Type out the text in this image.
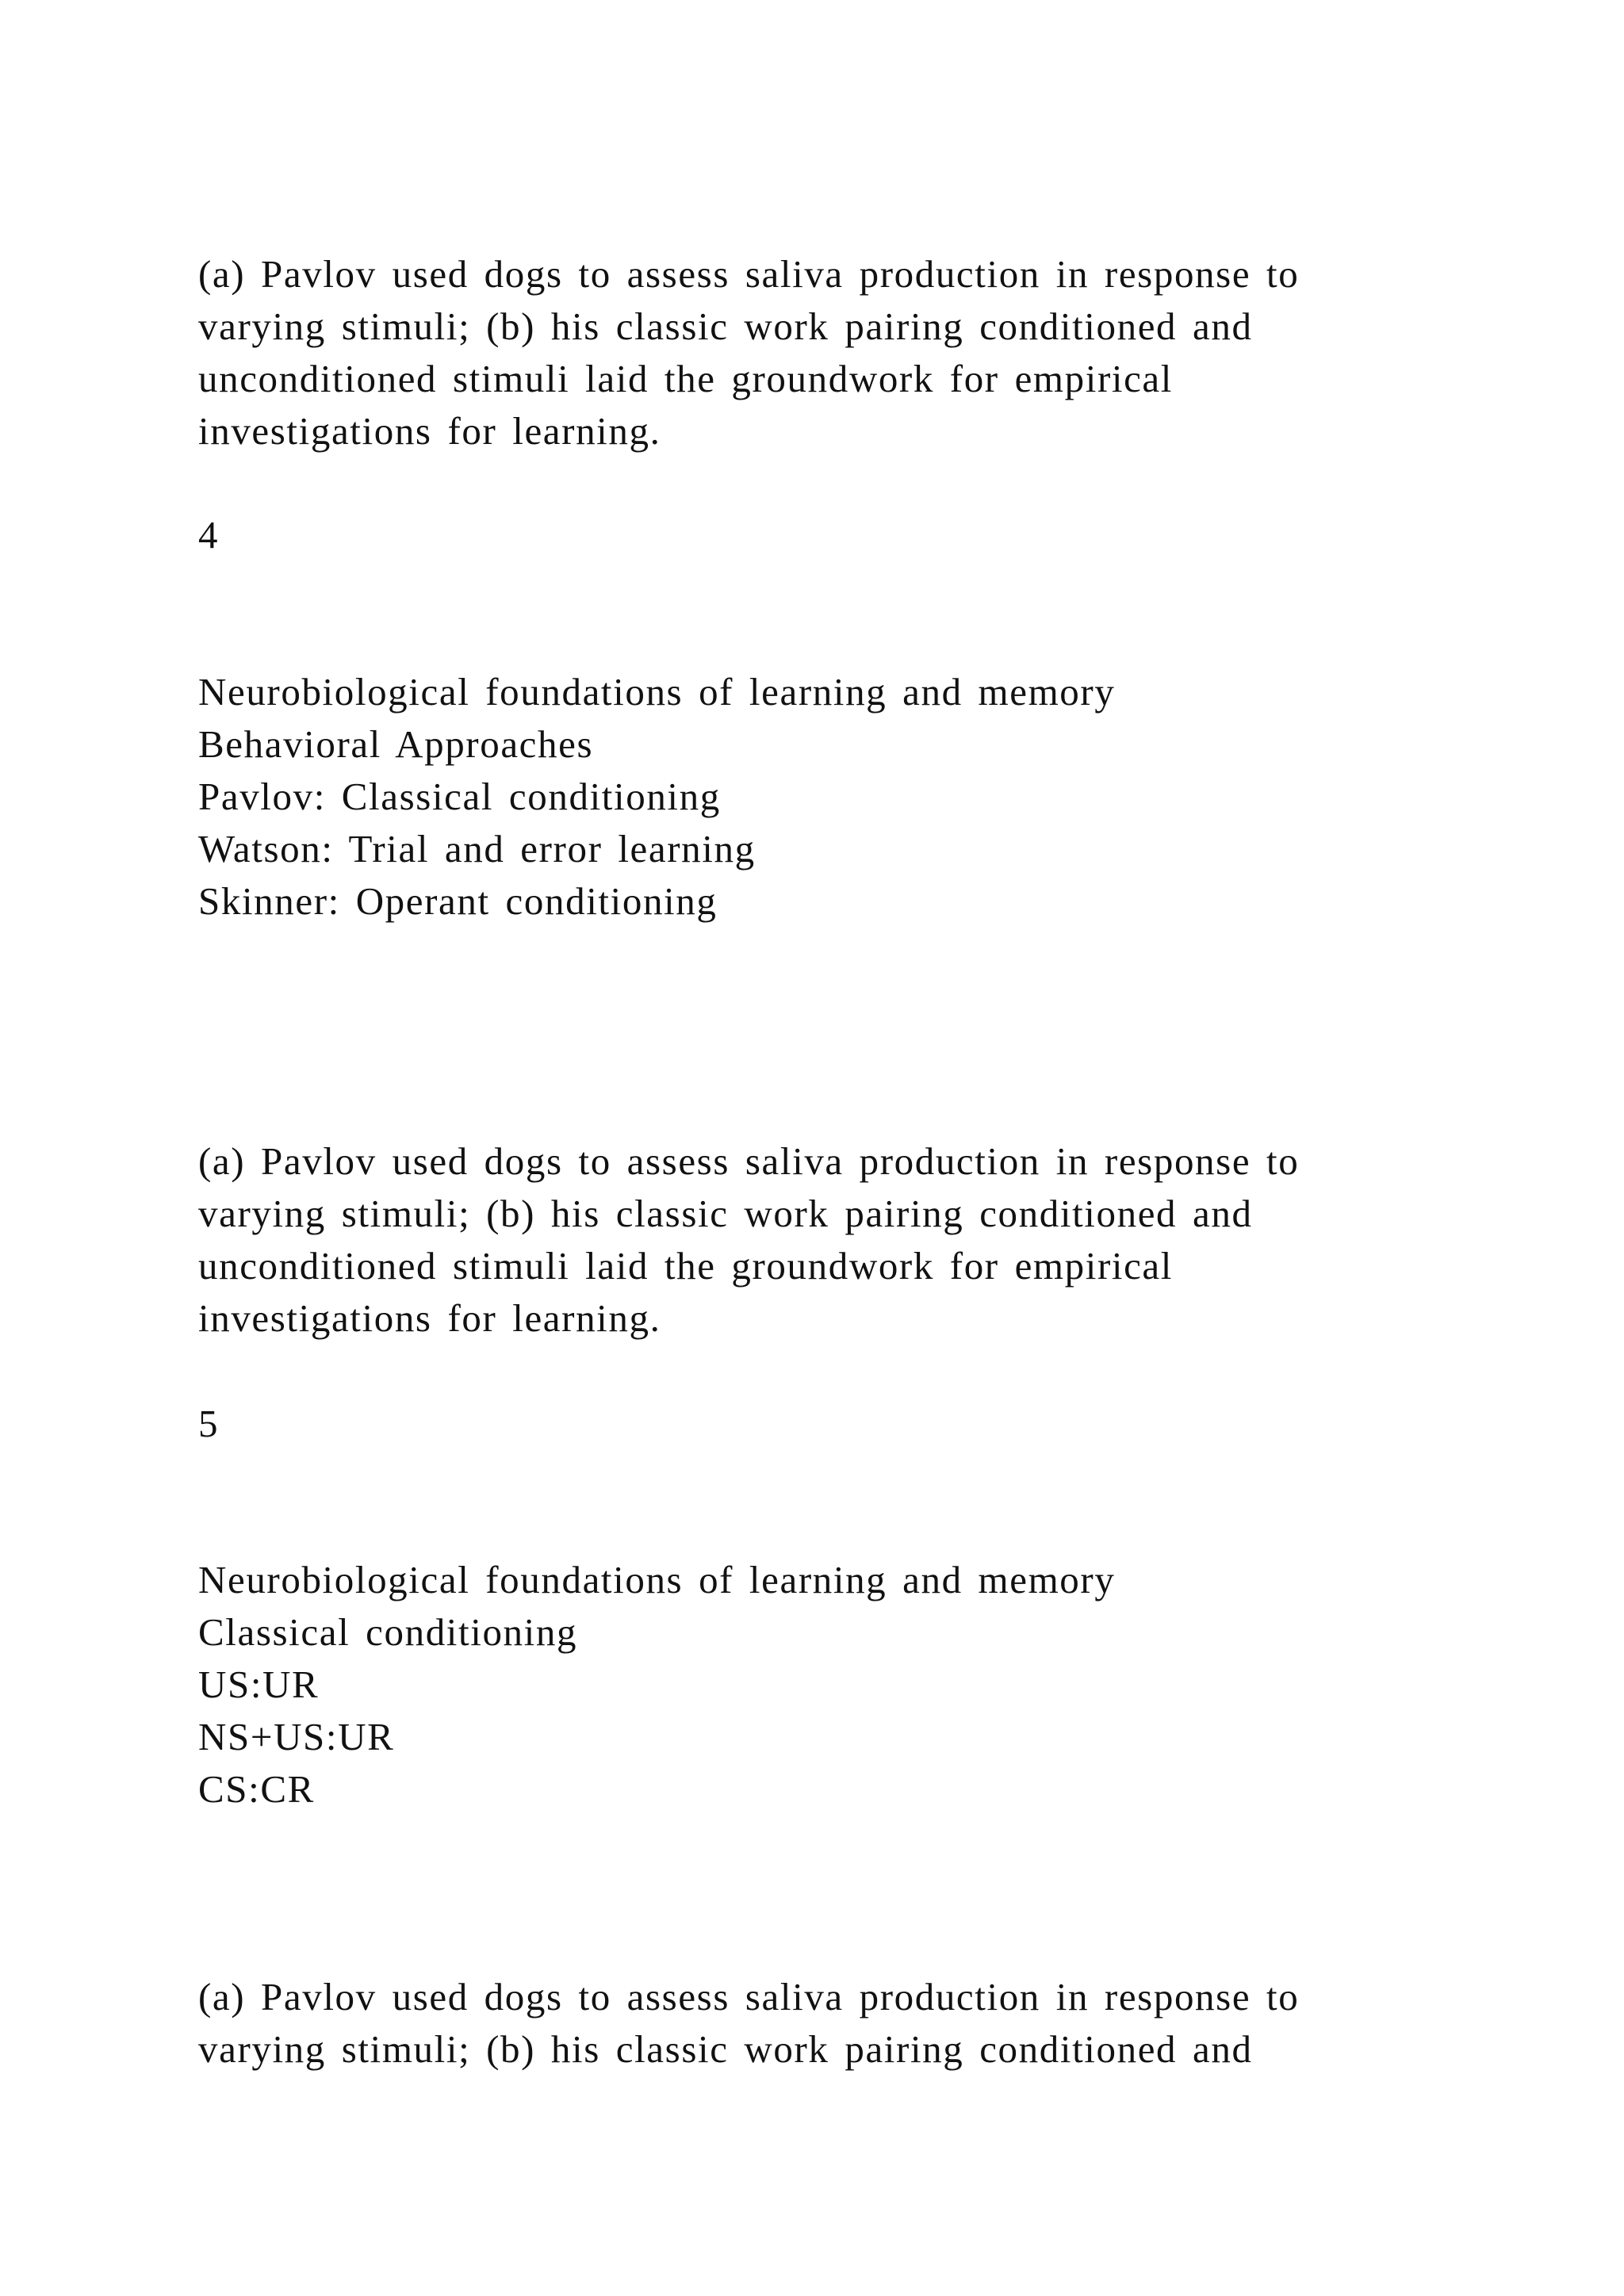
(a) Pavlov used dogs to assess saliva production in response to
varying stimuli; (b) his classic work pairing conditioned and
unconditioned stimuli laid the groundwork for empirical
investigations for learning.
4
Neurobiological foundations of learning and memory
Behavioral Approaches
Pavlov: Classical conditioning
Watson: Trial and error learning
Skinner: Operant conditioning
(a) Pavlov used dogs to assess saliva production in response to
varying stimuli; (b) his classic work pairing conditioned and
unconditioned stimuli laid the groundwork for empirical
investigations for learning.
5
Neurobiological foundations of learning and memory
Classical conditioning
US:UR
NS+US:UR
CS:CR
(a) Pavlov used dogs to assess saliva production in response to
varying stimuli; (b) his classic work pairing conditioned and
